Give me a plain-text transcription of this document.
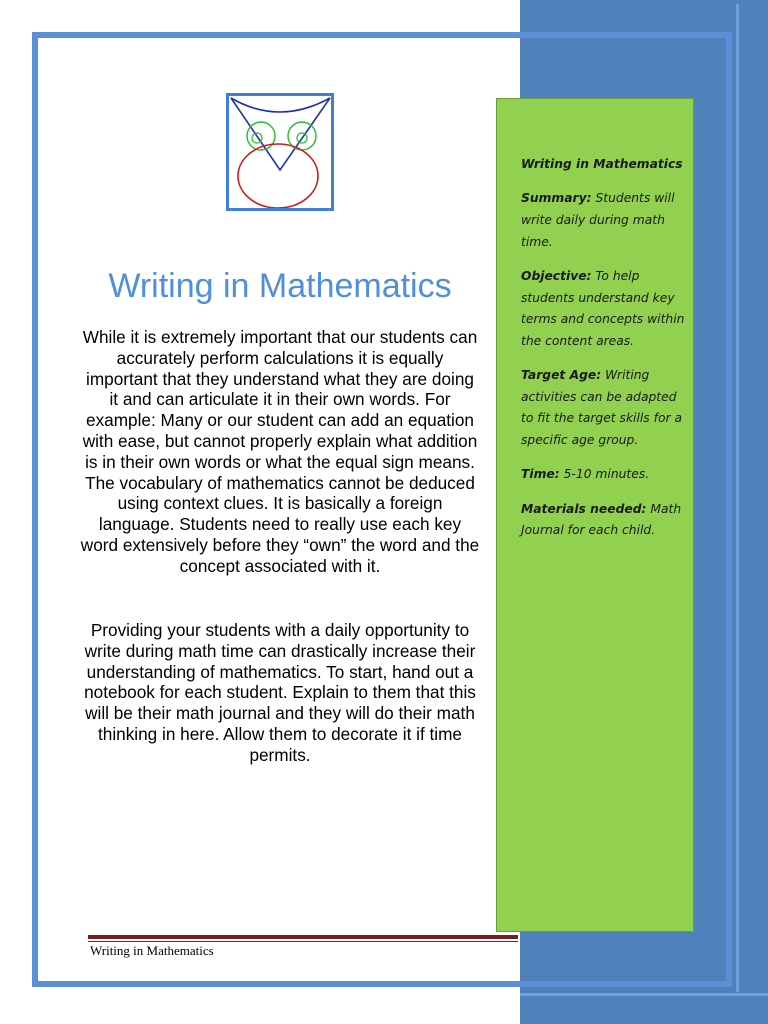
Writing in Mathematics
While it is extremely important that our students can accurately perform calculations it is equally important that they understand what they are doing it and can articulate it in their own words. For example: Many or our student can add an equation with ease, but cannot properly explain what addition is in their own words or what the equal sign means. The vocabulary of mathematics cannot be deduced using context clues. It is basically a foreign language. Students need to really use each key word extensively before they “own” the word and the concept associated with it.
Providing your students with a daily opportunity to write during math time can drastically increase their understanding of mathematics. To start, hand out a notebook for each student. Explain to them that this will be their math journal and they will do their math thinking in here. Allow them to decorate it if time permits.

Writing in Mathematics

Summary: Students will write daily during math time.

Objective: To help students understand key terms and concepts within the content areas.

Target Age: Writing activities can be adapted to fit the target skills for a specific age group.

Time: 5-10 minutes.

Materials needed: Math Journal for each child.

Writing in Mathematics
